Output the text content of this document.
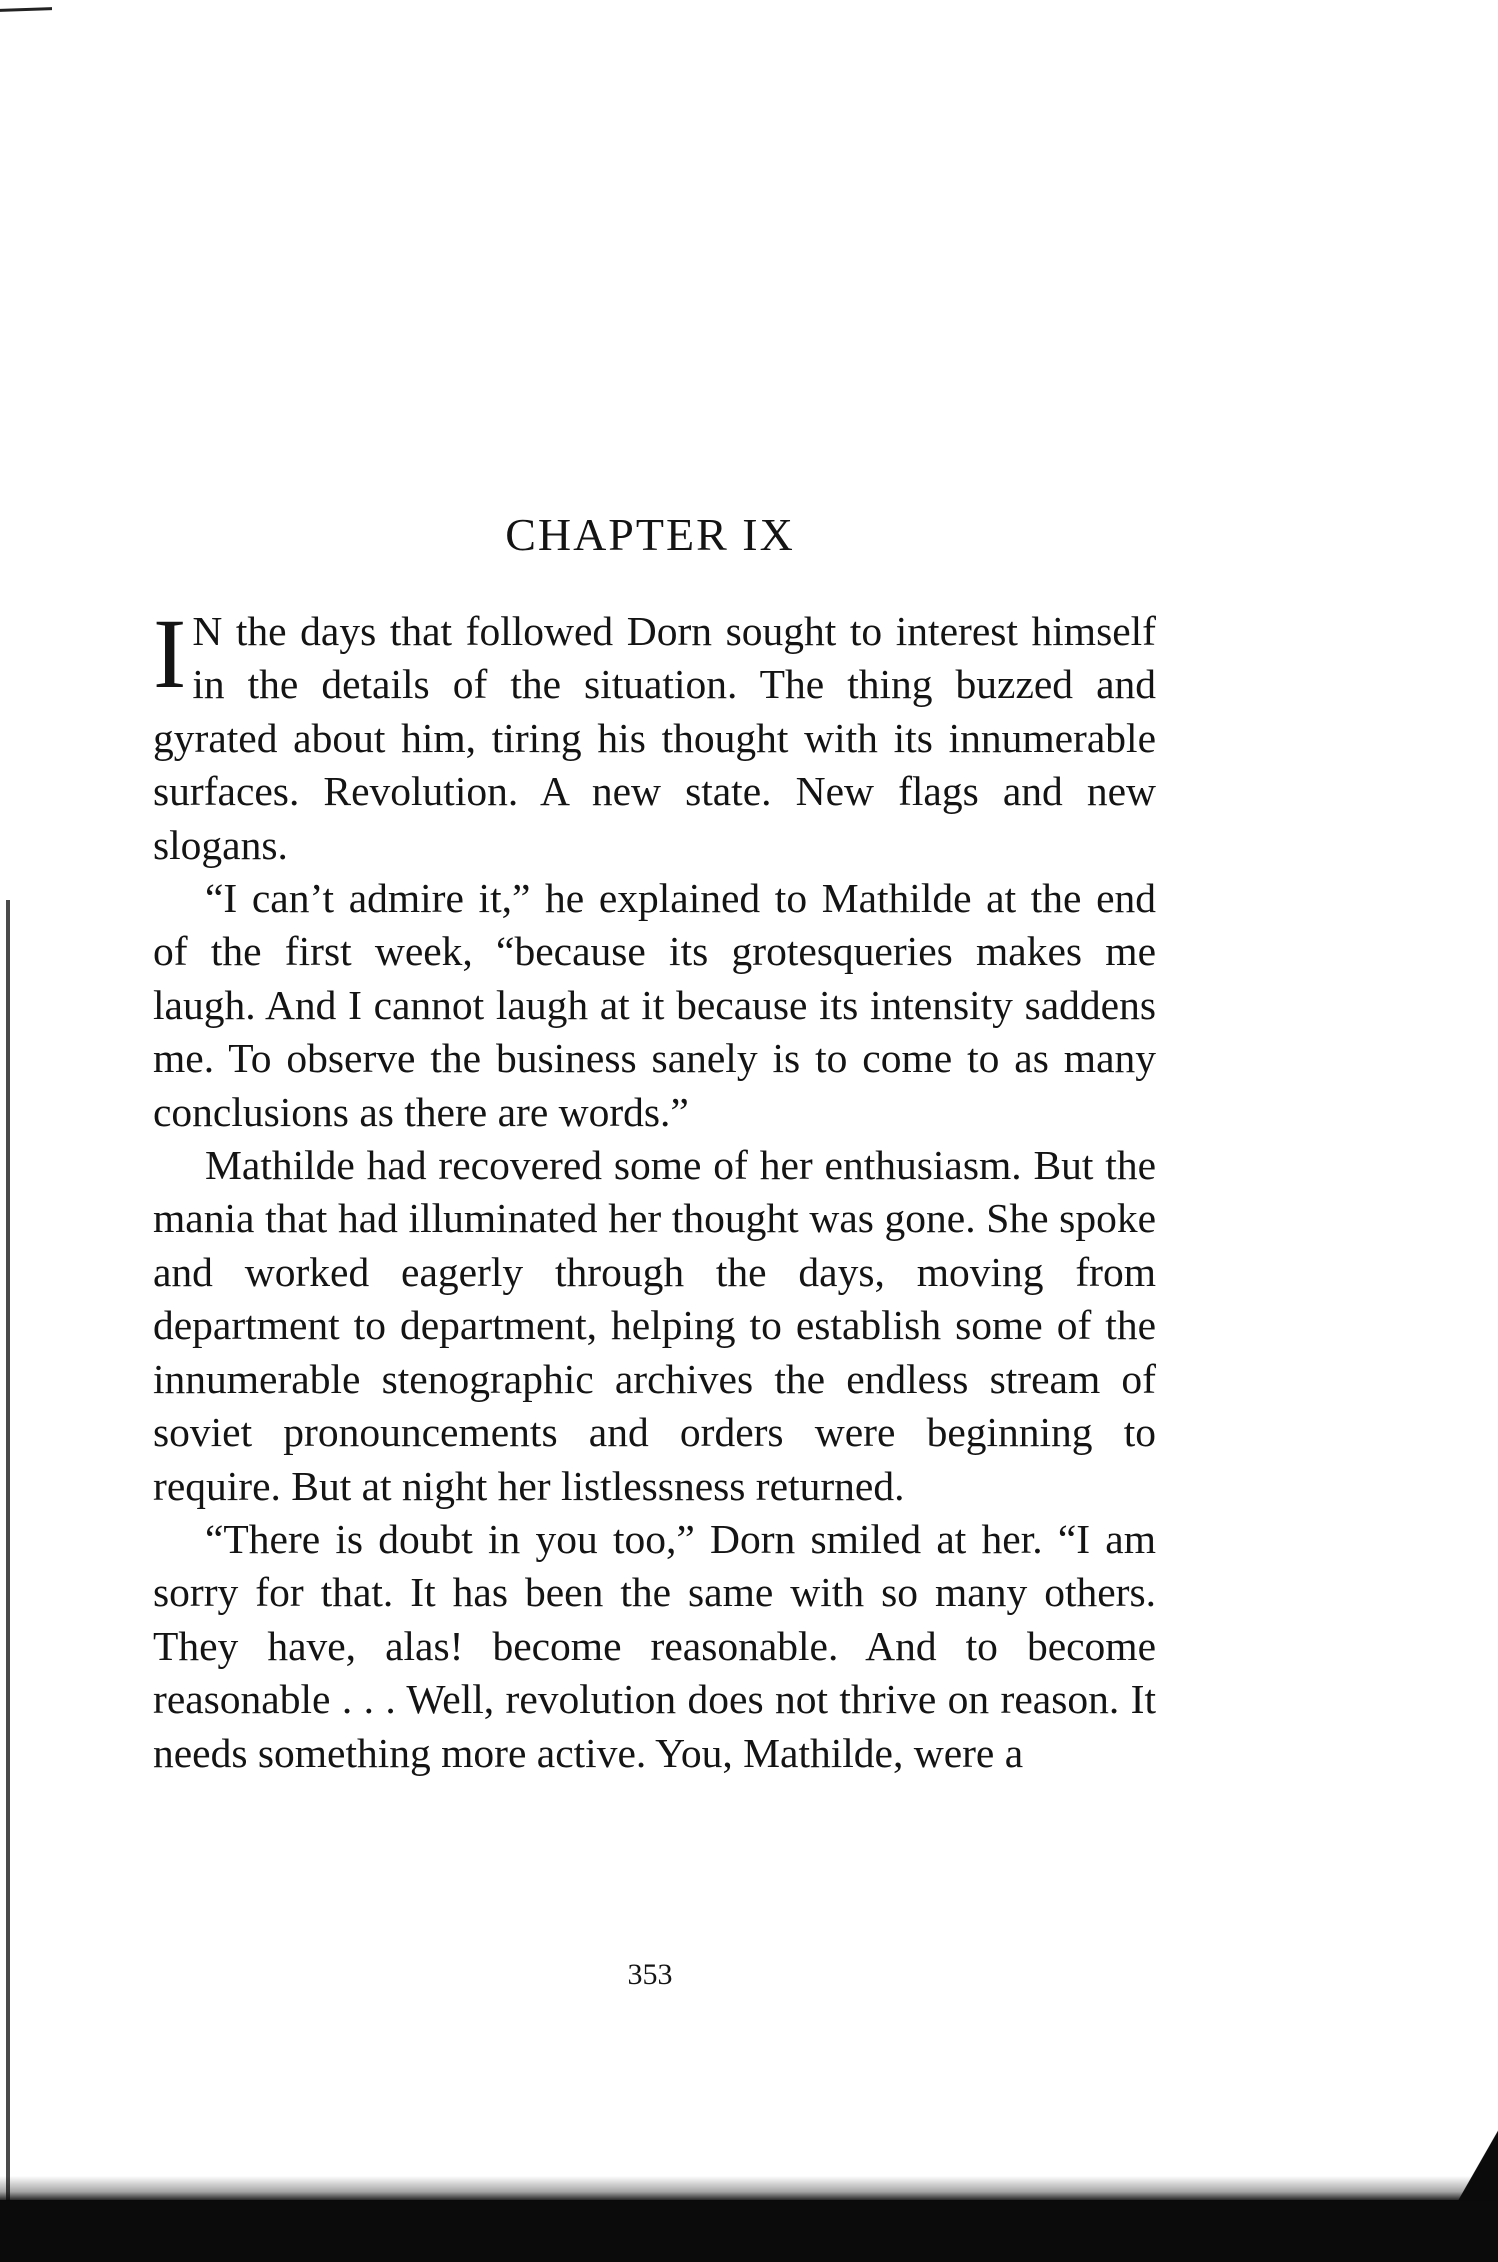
CHAPTER IX

I N the days that followed Dorn sought to interest himself in the details of the situation. The thing buzzed and gyrated about him, tiring his thought with its innumerable surfaces. Revolution. A new state. New flags and new slogans.

“I can’t admire it,” he explained to Mathilde at the end of the first week, “because its grotesqueries makes me laugh. And I cannot laugh at it because its intensity saddens me. To observe the business sanely is to come to as many conclusions as there are words.”

Mathilde had recovered some of her enthusiasm. But the mania that had illuminated her thought was gone. She spoke and worked eagerly through the days, moving from department to department, helping to establish some of the innumerable stenographic archives the endless stream of soviet pronouncements and orders were beginning to require. But at night her listlessness returned.

“There is doubt in you too,” Dorn smiled at her. “I am sorry for that. It has been the same with so many others. They have, alas! become reasonable. And to become reasonable . . . Well, revolution does not thrive on reason. It needs something more active. You, Mathilde, were a

353
